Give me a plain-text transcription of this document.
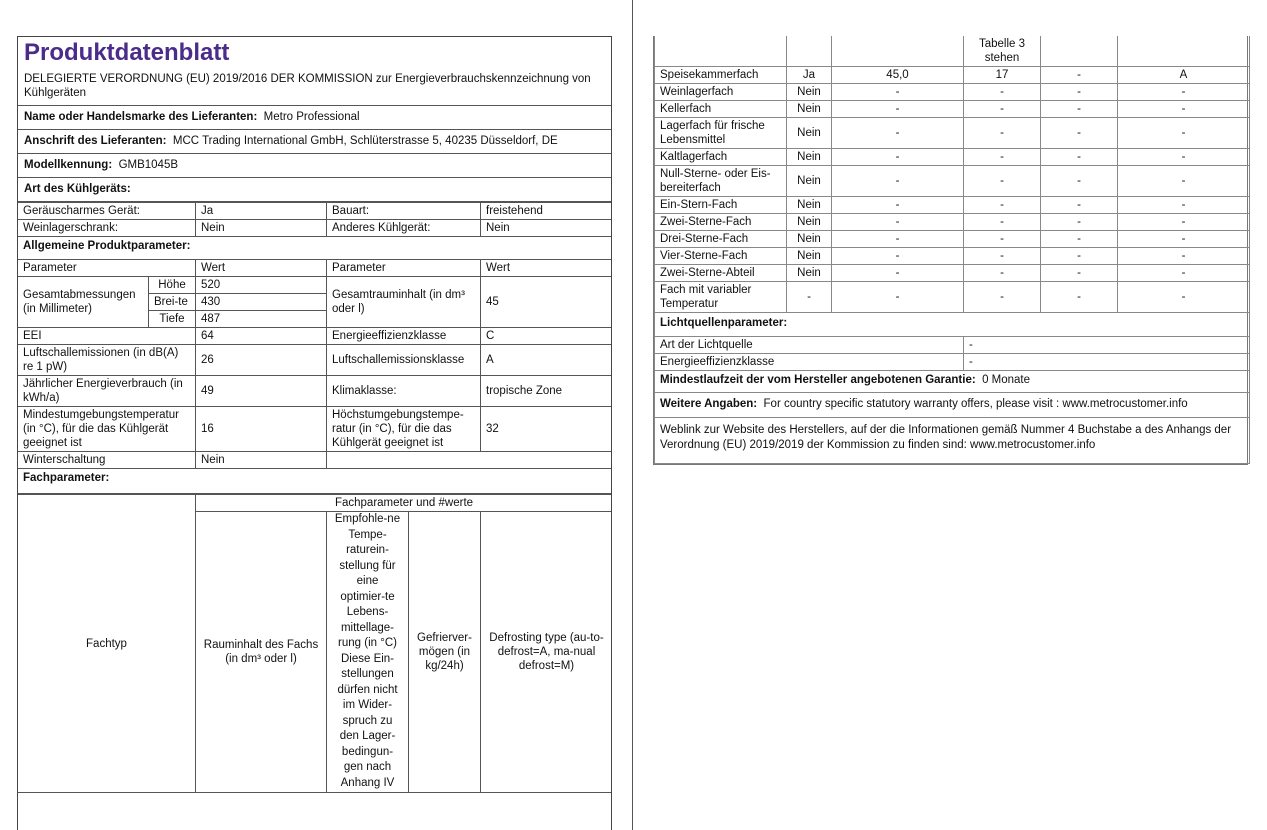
Produktdatenblatt
DELEGIERTE VERORDNUNG (EU) 2019/2016 DER KOMMISSION zur Energieverbrauchskennzeichnung von Kühlgeräten
Name oder Handelsmarke des Lieferanten: Metro Professional
Anschrift des Lieferanten: MCC Trading International GmbH, Schlüterstrasse 5, 40235 Düsseldorf, DE
Modellkennung: GMB1045B
Art des Kühlgeräts:
Geräuscharmes Gerät:		Ja	Bauart:	freistehend
Weinlagerschrank:		Nein	Anderes Kühlgerät:	Nein
Allgemeine Produktparameter:				
Parameter		Wert	Parameter	Wert
Gesamtabmessungen (in Millimeter)	Höhe	520	Gesamtrauminhalt (in dm³ oder l)	45
	Brei-te	430		
	Tiefe	487		
EEI		64	Energieeffizienzklasse	C
Luftschallemissionen (in dB(A) re 1 pW)		26	Luftschallemissionsklasse	A
Jährlicher Energieverbrauch (in kWh/a)		49	Klimaklasse:	tropische Zone
Mindestumgebungstemperatur (in °C), für die das Kühlgerät geeignet ist		16	Höchstumgebungstempe-ratur (in °C), für die das Kühlgerät geeignet ist	32
Winterschaltung		Nein		
Fachparameter:				
Fachtyp	Fachparameter und #werte			
	Rauminhalt des Fachs (in dm³ oder l)	Empfohle-ne Tempe-raturein-stellung für eine optimier-te Lebens-mittellage-rung (in °C) Diese Ein-stellungen dürfen nicht im Wider-spruch zu den Lager-bedingun-gen nach Anhang IV	Gefrierver-mögen (in kg/24h)	Defrosting type (au-to-defrost=A, ma-nual defrost=M)
			Tabelle 3 stehen		
Speisekammerfach	Ja	45,0	17	-	A
Weinlagerfach	Nein	-	-	-	-
Kellerfach	Nein	-	-	-	-
Lagerfach für frische Lebensmittel	Nein	-	-	-	-
Kaltlagerfach	Nein	-	-	-	-
Null-Sterne- oder Eis-bereiterfach	Nein	-	-	-	-
Ein-Stern-Fach	Nein	-	-	-	-
Zwei-Sterne-Fach	Nein	-	-	-	-
Drei-Sterne-Fach	Nein	-	-	-	-
Vier-Sterne-Fach	Nein	-	-	-	-
Zwei-Sterne-Abteil	Nein	-	-	-	-
Fach mit variabler Temperatur	-	-	-	-	-
Lichtquellenparameter:					
Art der Lichtquelle			-		
Energieeffizienzklasse			-		
Mindestlaufzeit der vom Hersteller angebotenen Garantie: 0 Monate					
Weitere Angaben: For country specific statutory warranty offers, please visit : www.metrocustomer.info					
Weblink zur Website des Herstellers, auf der die Informationen gemäß Nummer 4 Buchstabe a des Anhangs der Verordnung (EU) 2019/2019 der Kommission zu finden sind: www.metrocustomer.info					
